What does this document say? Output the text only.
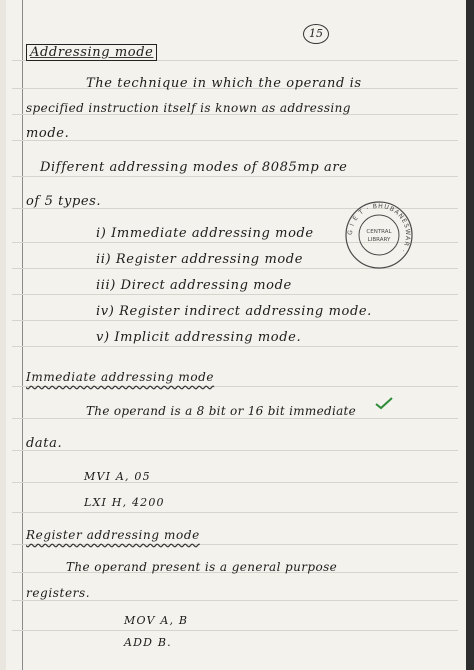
15
Addressing mode
The technique in which the operand is
specified instruction itself is known as addressing
mode.
Different addressing modes of 8085mp are
of 5 types.
i) Immediate addressing mode
ii) Register addressing mode
iii) Direct addressing mode
iv) Register indirect addressing mode.
v) Implicit addressing mode.
Immediate addressing mode
The operand is a 8 bit or 16 bit immediate
data.
MVI A, 05
LXI H, 4200
Register addressing mode
The operand present is a general purpose
registers.
MOV A, B
ADD B.
G I E T · BHUBANESWAR ·
CENTRAL
LIBRARY
